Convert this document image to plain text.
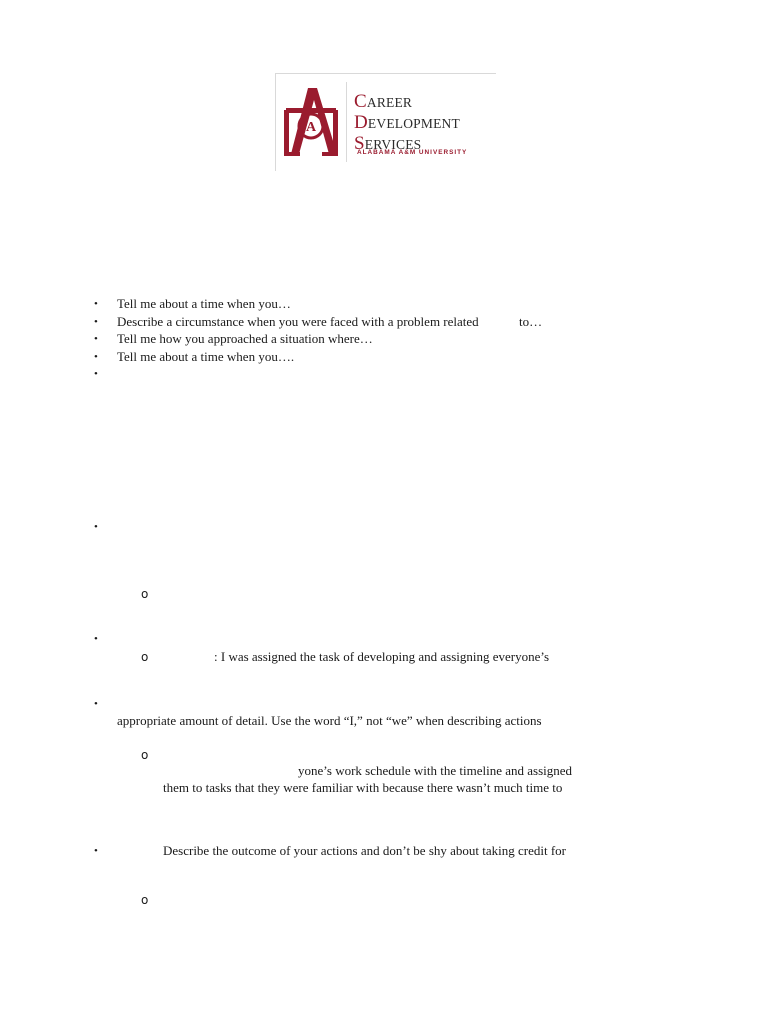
A
CAREER
DEVELOPMENT
SERVICES
ALABAMA A&M UNIVERSITY
• Tell me about a time when you…
• Describe a circumstance when you were faced with a problem related	to…
• Tell me how you approached a situation where…
• Tell me about a time when you….
•
•
o
•
o	: I was assigned the task of developing and assigning everyone’s
•
appropriate amount of detail. Use the word “I,” not “we” when describing actions
o
yone’s work schedule with the timeline and assigned
them to tasks that they were familiar with because there wasn’t much time to
•	Describe the outcome of your actions and don’t be shy about taking credit for
o
